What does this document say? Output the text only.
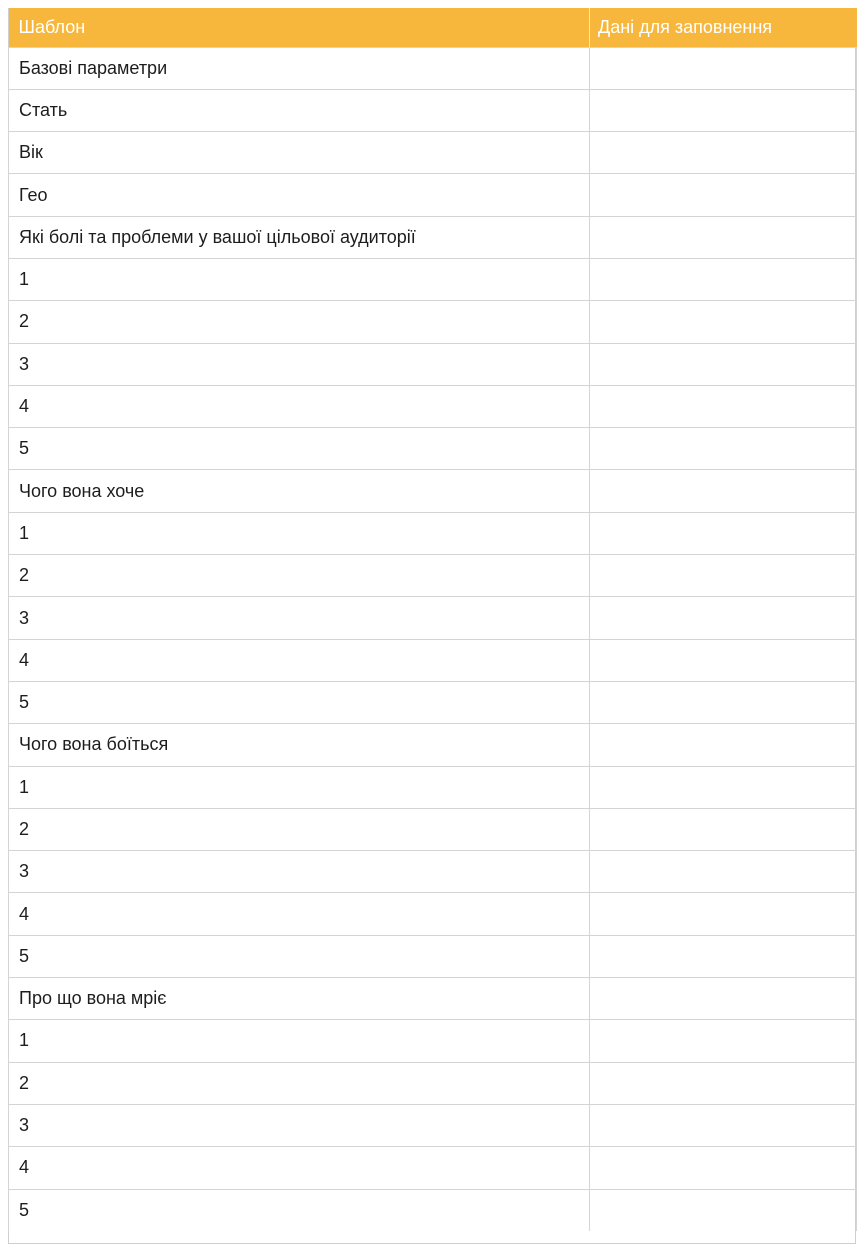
Шаблон	Дані для заповнення
Базові параметри	
Стать	
Вік	
Гео	
Які болі та проблеми у вашої цільової аудиторії	
1	
2	
3	
4	
5	
Чого вона хоче	
1	
2	
3	
4	
5	
Чого вона боїться	
1	
2	
3	
4	
5	
Про що вона мріє	
1	
2	
3	
4	
5	
